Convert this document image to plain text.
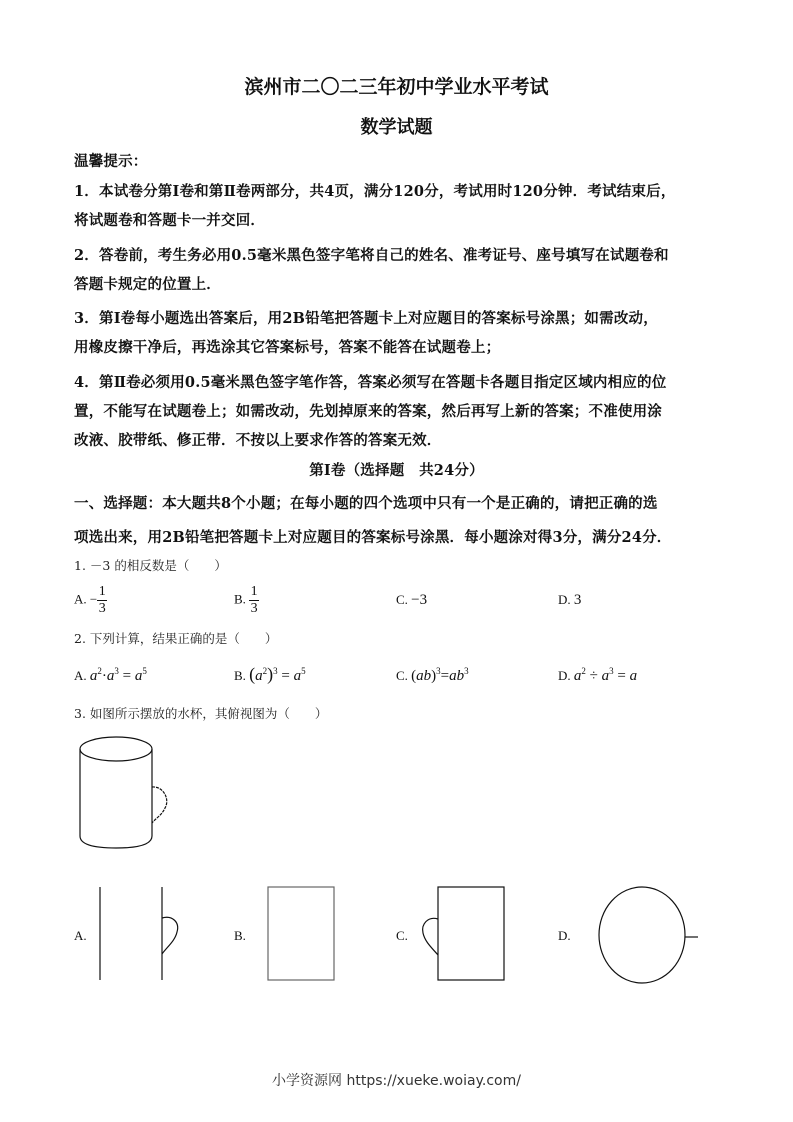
滨州市二〇二三年初中学业水平考试
数学试题
温馨提示：
1．本试卷分第Ⅰ卷和第Ⅱ卷两部分，共4页，满分120分，考试用时120分钟．考试结束后，
将试题卷和答题卡一并交回．
2．答卷前，考生务必用0.5毫米黑色签字笔将自己的姓名、准考证号、座号填写在试题卷和
答题卡规定的位置上．
3．第Ⅰ卷每小题选出答案后，用2B铅笔把答题卡上对应题目的答案标号涂黑；如需改动，
用橡皮擦干净后，再选涂其它答案标号，答案不能答在试题卷上；
4．第Ⅱ卷必须用0.5毫米黑色签字笔作答，答案必须写在答题卡各题目指定区域内相应的位
置，不能写在试题卷上；如需改动，先划掉原来的答案，然后再写上新的答案；不准使用涂
改液、胶带纸、修正带．不按以上要求作答的答案无效．
第Ⅰ卷（选择题　共24分）
一、选择题：本大题共8个小题；在每小题的四个选项中只有一个是正确的，请把正确的选
项选出来，用2B铅笔把答题卡上对应题目的答案标号涂黑．每小题涂对得3分，满分24分．
1. －3 的相反数是（　　）
A. − $\frac{1}{3}$	B. $\frac{1}{3}$	C. −3	D. 3
2. 下列计算，结果正确的是（　　）
A. $a^2\cdot a^3 = a^5$	B. $(a^2)^3 = a^5$	C. $(ab)^3=ab^3$	D. $a^2 \div a^3 = a$
3. 如图所示摆放的水杯，其俯视图为（　　）
A.	B.	C.	D.
小学资源网 https://xueke.woiay.com/
